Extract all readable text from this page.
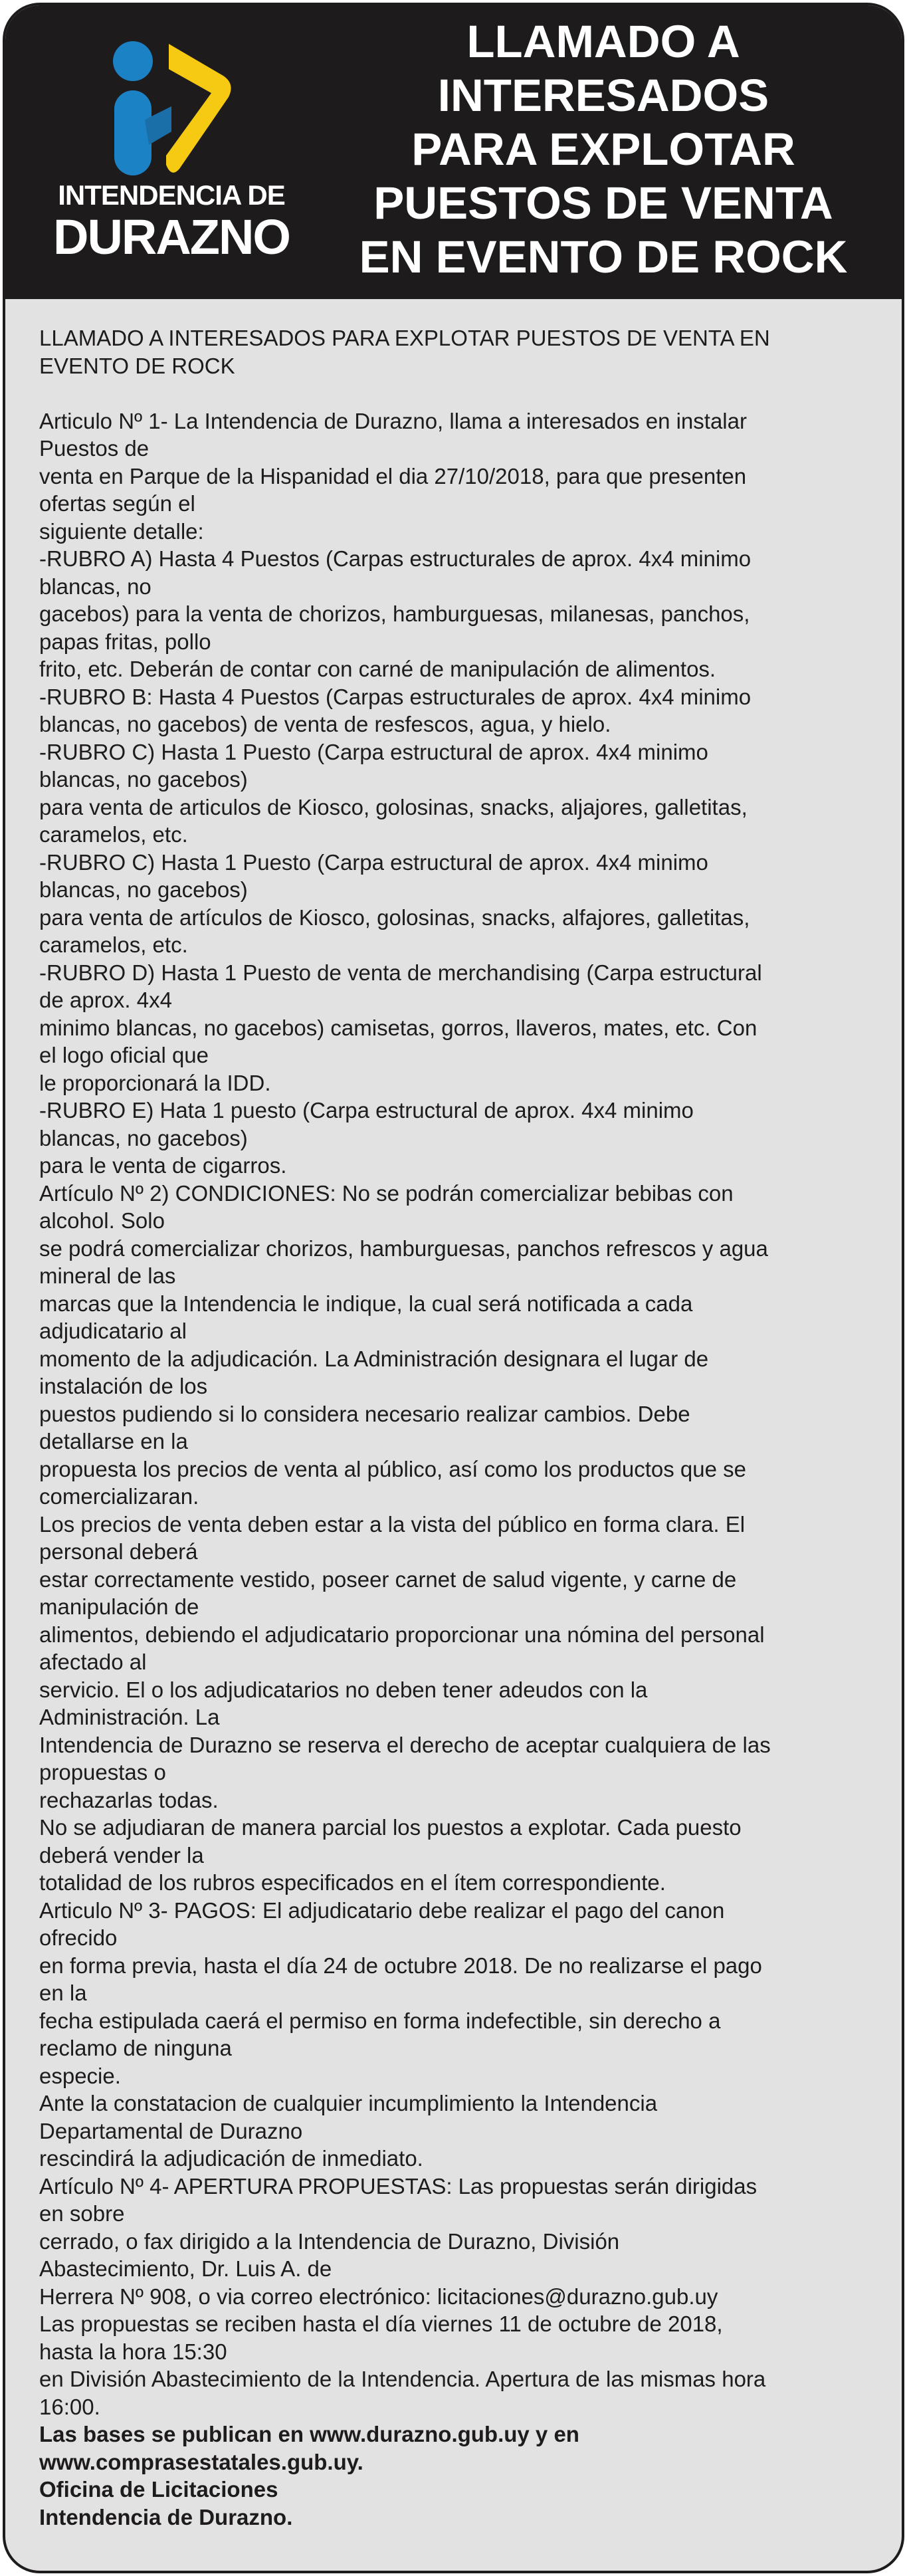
INTENDENCIA DE
DURAZNO
LLAMADO A
INTERESADOS
PARA EXPLOTAR
PUESTOS DE VENTA
EN EVENTO DE ROCK

LLAMADO A INTERESADOS PARA EXPLOTAR PUESTOS DE VENTA EN

EVENTO DE ROCK

Articulo Nº 1- La Intendencia de Durazno, llama a interesados en instalar

Puestos de

venta en Parque de la Hispanidad el dia 27/10/2018, para que presenten

ofertas según el

siguiente detalle:

-RUBRO A) Hasta 4 Puestos (Carpas estructurales de aprox. 4x4 minimo

blancas, no

gacebos) para la venta de chorizos, hamburguesas, milanesas, panchos,

papas fritas, pollo

frito, etc. Deberán de contar con carné de manipulación de alimentos.

-RUBRO B: Hasta 4 Puestos (Carpas estructurales de aprox. 4x4 minimo

blancas, no gacebos) de venta de resfescos, agua, y hielo.

-RUBRO C) Hasta 1 Puesto (Carpa estructural de aprox. 4x4 minimo

blancas, no gacebos)

para venta de articulos de Kiosco, golosinas, snacks, aljajores, galletitas,

caramelos, etc.

-RUBRO C) Hasta 1 Puesto (Carpa estructural de aprox. 4x4 minimo

blancas, no gacebos)

para venta de artículos de Kiosco, golosinas, snacks, alfajores, galletitas,

caramelos, etc.

-RUBRO D) Hasta 1 Puesto de venta de merchandising (Carpa estructural

de aprox. 4x4

minimo blancas, no gacebos) camisetas, gorros, llaveros, mates, etc. Con

el logo oficial que

le proporcionará la IDD.

-RUBRO E) Hata 1 puesto (Carpa estructural de aprox. 4x4 minimo

blancas, no gacebos)

para le venta de cigarros.

Artículo Nº 2) CONDICIONES: No se podrán comercializar bebibas con

alcohol. Solo

se podrá comercializar chorizos, hamburguesas, panchos refrescos y agua

mineral de las

marcas que la Intendencia le indique, la cual será notificada a cada

adjudicatario al

momento de la adjudicación. La Administración designara el lugar de

instalación de los

puestos pudiendo si lo considera necesario realizar cambios. Debe

detallarse en la

propuesta los precios de venta al público, así como los productos que se

comercializaran.

Los precios de venta deben estar a la vista del público en forma clara. El

personal deberá

estar correctamente vestido, poseer carnet de salud vigente, y carne de

manipulación de

alimentos, debiendo el adjudicatario proporcionar una nómina del personal

afectado al

servicio. El o los adjudicatarios no deben tener adeudos con la

Administración. La

Intendencia de Durazno se reserva el derecho de aceptar cualquiera de las

propuestas o

rechazarlas todas.

No se adjudiaran de manera parcial los puestos a explotar. Cada puesto

deberá vender la

totalidad de los rubros especificados en el ítem correspondiente.

Articulo Nº 3- PAGOS: El adjudicatario debe realizar el pago del canon

ofrecido

en forma previa, hasta el día 24 de octubre 2018. De no realizarse el pago

en la

fecha estipulada caerá el permiso en forma indefectible, sin derecho a

reclamo de ninguna

especie.

Ante la constatacion de cualquier incumplimiento la Intendencia

Departamental de Durazno

rescindirá la adjudicación de inmediato.

Artículo Nº 4- APERTURA PROPUESTAS: Las propuestas serán dirigidas

en sobre

cerrado, o fax dirigido a la Intendencia de Durazno, División

Abastecimiento, Dr. Luis A. de

Herrera Nº 908, o via correo electrónico: licitaciones@durazno.gub.uy

Las propuestas se reciben hasta el día viernes 11 de octubre de 2018,

hasta la hora 15:30

en División Abastecimiento de la Intendencia. Apertura de las mismas hora

16:00.

Las bases se publican en www.durazno.gub.uy y en

www.comprasestatales.gub.uy.

Oficina de Licitaciones

Intendencia de Durazno.
